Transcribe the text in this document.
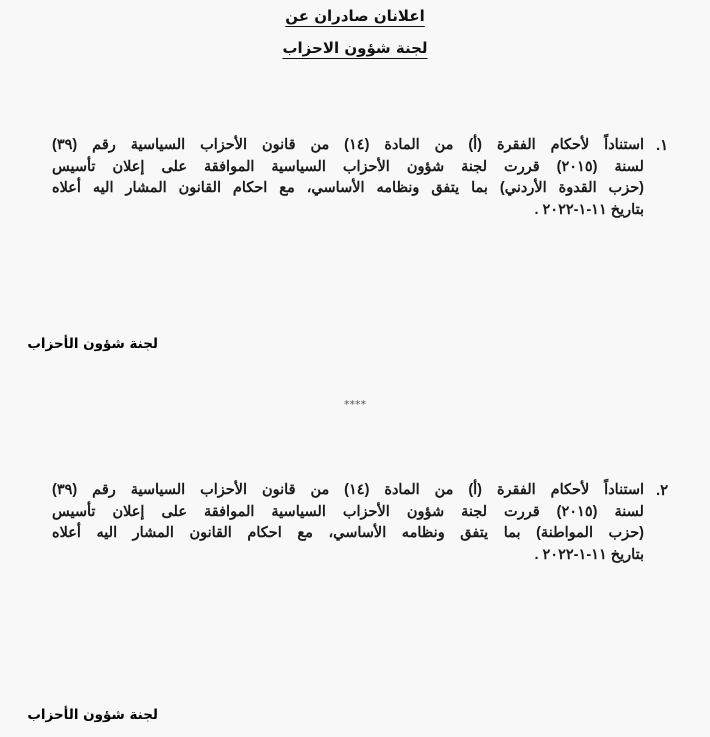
اعلانان صادران عن
لجنة شؤون الاحزاب
١.
استناداً لأحكام الفقرة (أ) من المادة (١٤) من قانون الأحزاب السياسية رقم (٣٩)
لسنة (٢٠١٥) قررت لجنة شؤون الأحزاب السياسية الموافقة على إعلان تأسيس
(حزب القدوة الأردني) بما يتفق ونظامه الأساسي، مع احكام القانون المشار اليه أعلاه
بتاريخ ١١-١-٢٠٢٢ .
لجنة شؤون الأحزاب
****
٢.
استناداً لأحكام الفقرة (أ) من المادة (١٤) من قانون الأحزاب السياسية رقم (٣٩)
لسنة (٢٠١٥) قررت لجنة شؤون الأحزاب السياسية الموافقة على إعلان تأسيس
(حزب المواطنة) بما يتفق ونظامه الأساسي، مع احكام القانون المشار اليه أعلاه
بتاريخ ١١-١-٢٠٢٢ .
لجنة شؤون الأحزاب
